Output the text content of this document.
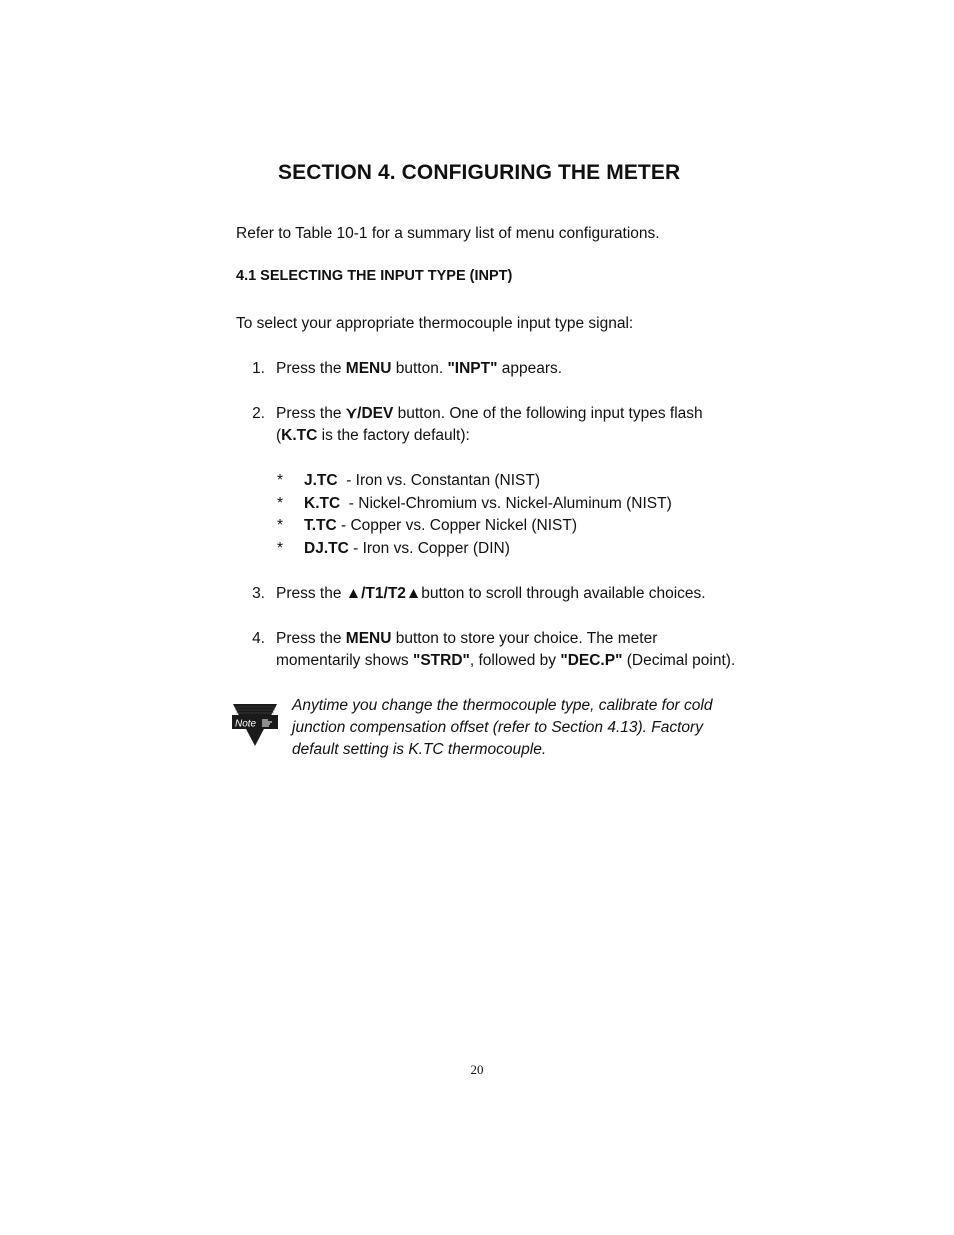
SECTION 4. CONFIGURING THE METER
Refer to Table 10-1 for a summary list of menu configurations.
4.1 SELECTING THE INPUT TYPE (INPT)
To select your appropriate thermocouple input type signal:
1. Press the MENU button. "INPT" appears.
2. Press the ⋎/DEV button. One of the following input types flash
(K.TC is the factory default):
* J.TC  - Iron vs. Constantan (NIST)
* K.TC  - Nickel-Chromium vs. Nickel-Aluminum (NIST)
* T.TC - Copper vs. Copper Nickel (NIST)
* DJ.TC - Iron vs. Copper (DIN)
3. Press the ▲/T1/T2▲button to scroll through available choices.
4. Press the MENU button to store your choice. The meter
momentarily shows "STRD", followed by "DEC.P" (Decimal point).
Note
Anytime you change the thermocouple type, calibrate for cold
junction compensation offset (refer to Section 4.13). Factory
default setting is K.TC thermocouple.
20
